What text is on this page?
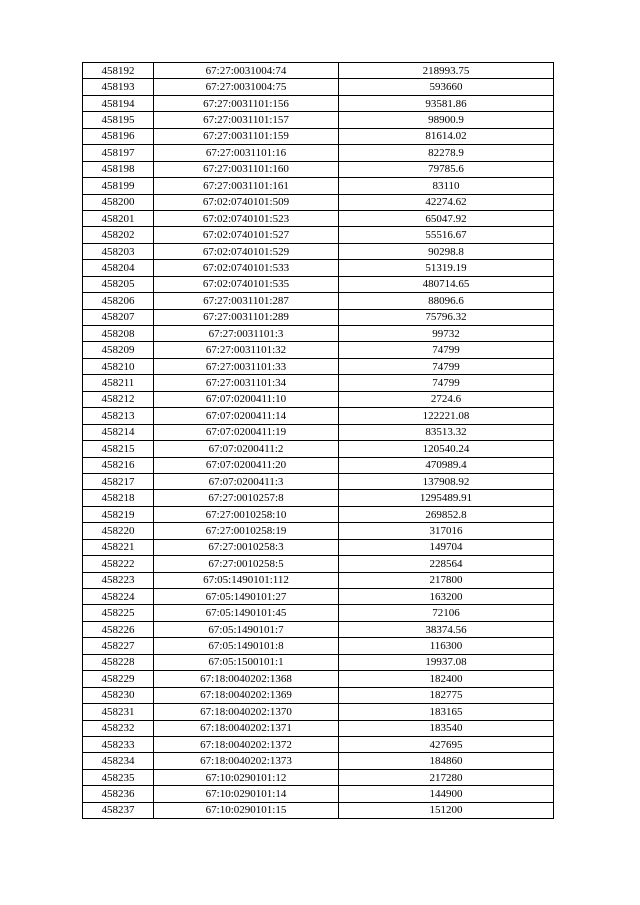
458192	67:27:0031004:74	218993.75
458193	67:27:0031004:75	593660
458194	67:27:0031101:156	93581.86
458195	67:27:0031101:157	98900.9
458196	67:27:0031101:159	81614.02
458197	67:27:0031101:16	82278.9
458198	67:27:0031101:160	79785.6
458199	67:27:0031101:161	83110
458200	67:02:0740101:509	42274.62
458201	67:02:0740101:523	65047.92
458202	67:02:0740101:527	55516.67
458203	67:02:0740101:529	90298.8
458204	67:02:0740101:533	51319.19
458205	67:02:0740101:535	480714.65
458206	67:27:0031101:287	88096.6
458207	67:27:0031101:289	75796.32
458208	67:27:0031101:3	99732
458209	67:27:0031101:32	74799
458210	67:27:0031101:33	74799
458211	67:27:0031101:34	74799
458212	67:07:0200411:10	2724.6
458213	67:07:0200411:14	122221.08
458214	67:07:0200411:19	83513.32
458215	67:07:0200411:2	120540.24
458216	67:07:0200411:20	470989.4
458217	67:07:0200411:3	137908.92
458218	67:27:0010257:8	1295489.91
458219	67:27:0010258:10	269852.8
458220	67:27:0010258:19	317016
458221	67:27:0010258:3	149704
458222	67:27:0010258:5	228564
458223	67:05:1490101:112	217800
458224	67:05:1490101:27	163200
458225	67:05:1490101:45	72106
458226	67:05:1490101:7	38374.56
458227	67:05:1490101:8	116300
458228	67:05:1500101:1	19937.08
458229	67:18:0040202:1368	182400
458230	67:18:0040202:1369	182775
458231	67:18:0040202:1370	183165
458232	67:18:0040202:1371	183540
458233	67:18:0040202:1372	427695
458234	67:18:0040202:1373	184860
458235	67:10:0290101:12	217280
458236	67:10:0290101:14	144900
458237	67:10:0290101:15	151200
